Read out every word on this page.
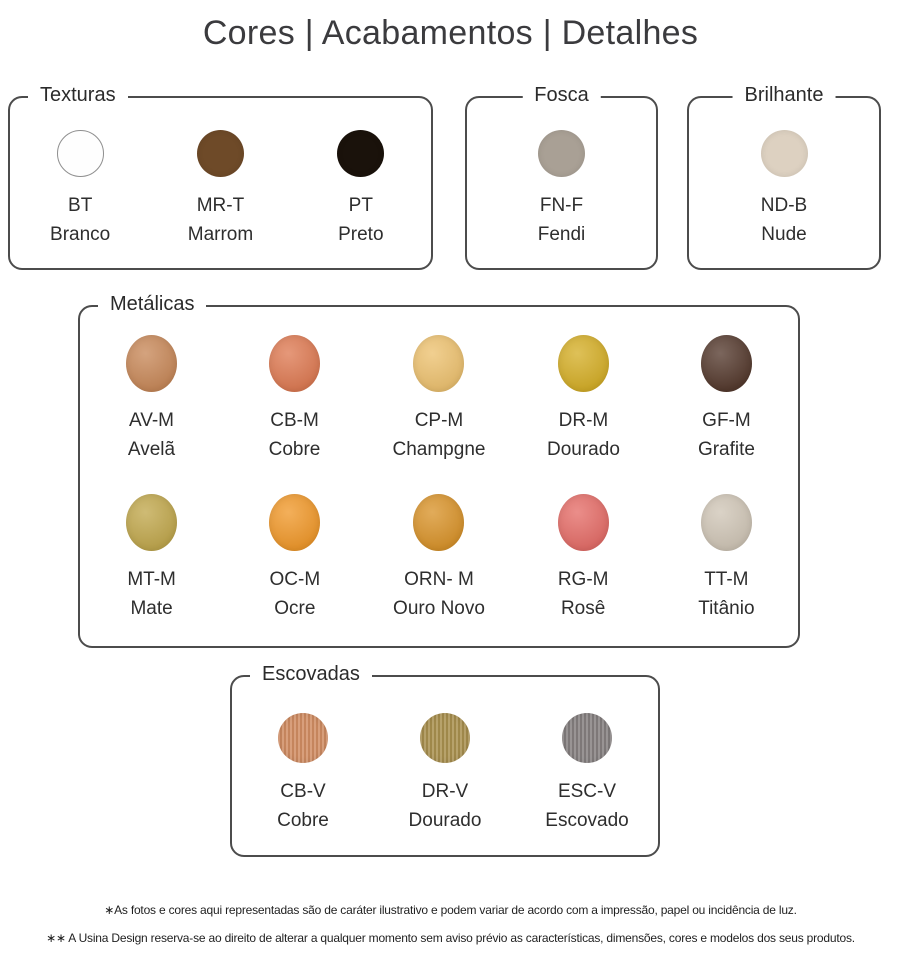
Cores | Acabamentos | Detalhes
Texturas
BT
Branco
MR-T
Marrom
PT
Preto
Fosca
FN-F
Fendi
Brilhante
ND-B
Nude
Metálicas
AV-M
Avelã
CB-M
Cobre
CP-M
Champgne
DR-M
Dourado
GF-M
Grafite
MT-M
Mate
OC-M
Ocre
ORN- M
Ouro Novo
RG-M
Rosê
TT-M
Titânio
Escovadas
CB-V
Cobre
DR-V
Dourado
ESC-V
Escovado
∗As fotos e cores aqui representadas são de caráter ilustrativo e podem variar de acordo com a impressão, papel ou incidência de luz.
∗∗ A Usina Design reserva-se ao direito de alterar a qualquer momento sem aviso prévio as características, dimensões, cores e modelos dos seus produtos.
